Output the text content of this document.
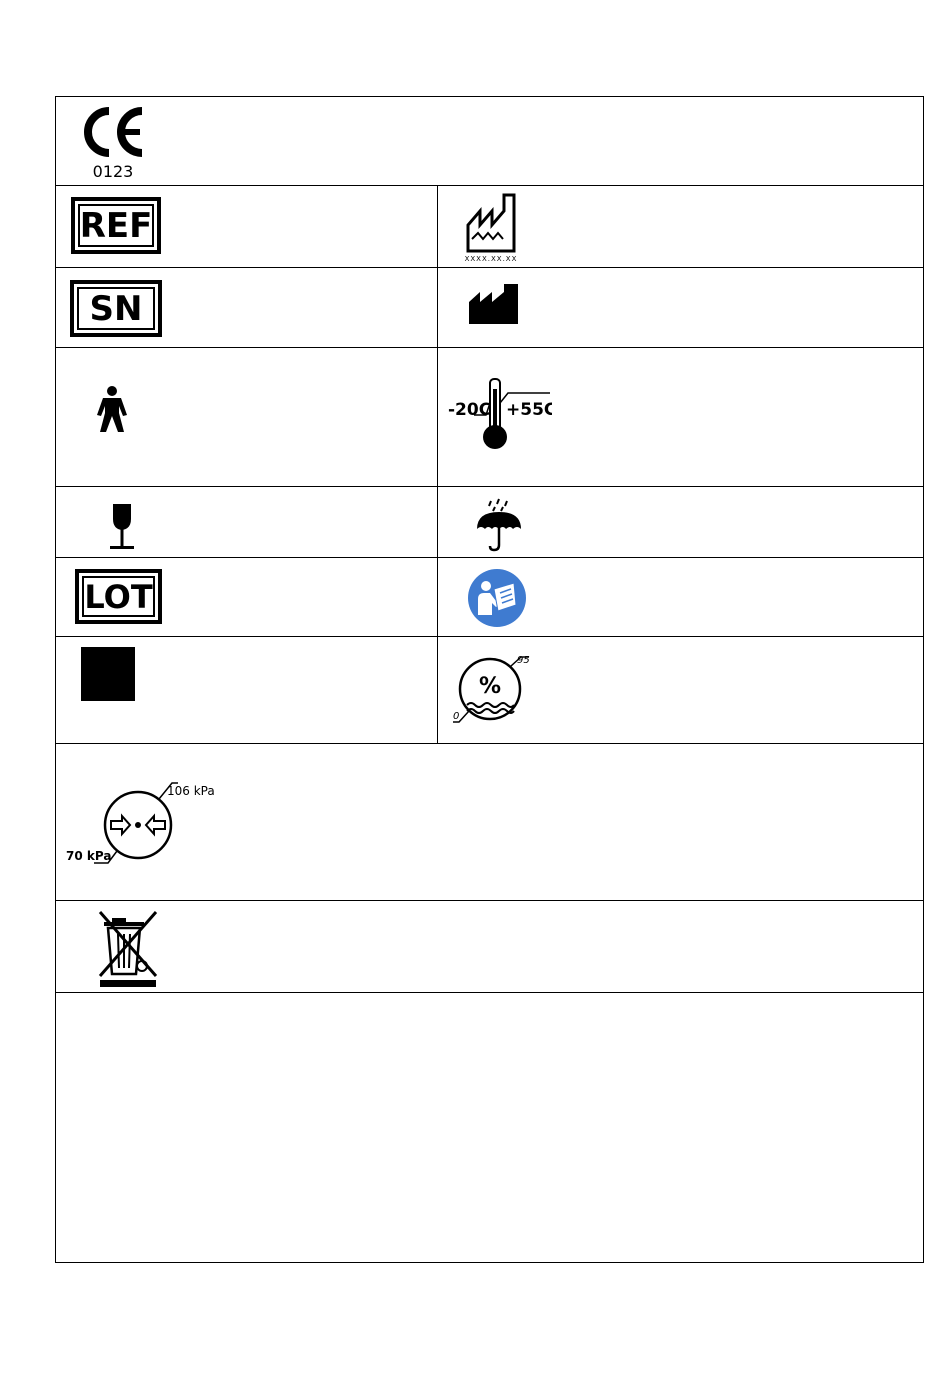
0123
REF
XXXX.XX.XX
SN
-20C +55C
LOT
%
0
95
106 kPa
70 kPa
